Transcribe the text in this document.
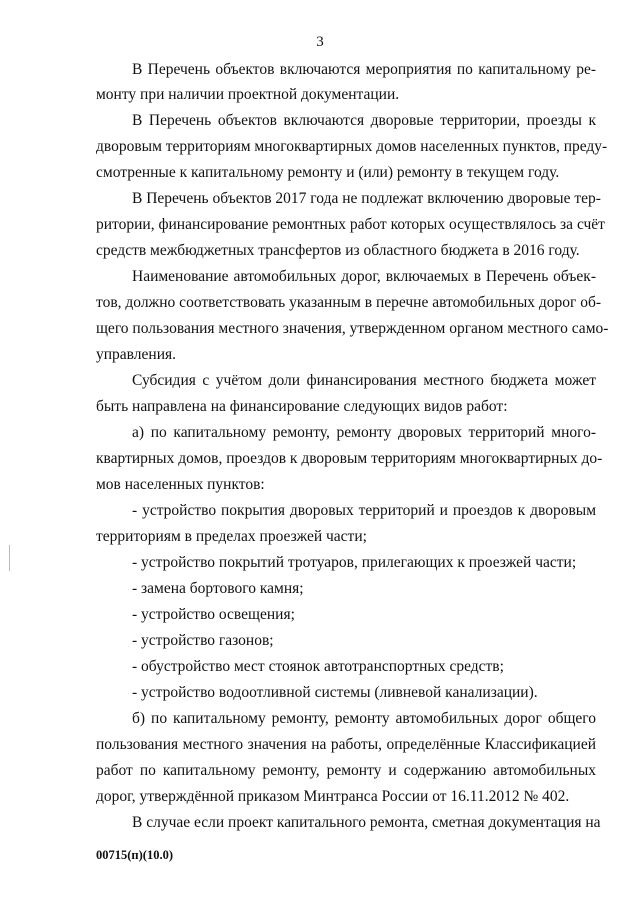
3
В Перечень объектов включаются мероприятия по капитальному ре-
монту при наличии проектной документации.
В Перечень объектов включаются дворовые территории, проезды к
дворовым территориям многоквартирных домов населенных пунктов, преду-
смотренные к капитальному ремонту и (или) ремонту в текущем году.
В Перечень объектов 2017 года не подлежат включению дворовые тер-
ритории, финансирование ремонтных работ которых осуществлялось за счёт
средств межбюджетных трансфертов из областного бюджета в 2016 году.
Наименование автомобильных дорог, включаемых в Перечень объек-
тов, должно соответствовать указанным в перечне автомобильных дорог об-
щего пользования местного значения, утвержденном органом местного само-
управления.
Субсидия с учётом доли финансирования местного бюджета может
быть направлена на финансирование следующих видов работ:
а) по капитальному ремонту, ремонту дворовых территорий много-
квартирных домов, проездов к дворовым территориям многоквартирных до-
мов населенных пунктов:
- устройство покрытия дворовых территорий и проездов к дворовым
территориям в пределах проезжей части;
- устройство покрытий тротуаров, прилегающих к проезжей части;
- замена бортового камня;
- устройство освещения;
- устройство газонов;
- обустройство мест стоянок автотранспортных средств;
- устройство водоотливной системы (ливневой канализации).
б) по капитальному ремонту, ремонту автомобильных дорог общего
пользования местного значения на работы, определённые Классификацией
работ по капитальному ремонту, ремонту и содержанию автомобильных
дорог, утверждённой приказом Минтранса России от 16.11.2012 № 402.
В случае если проект капитального ремонта, сметная документация на
00715(п)(10.0)
